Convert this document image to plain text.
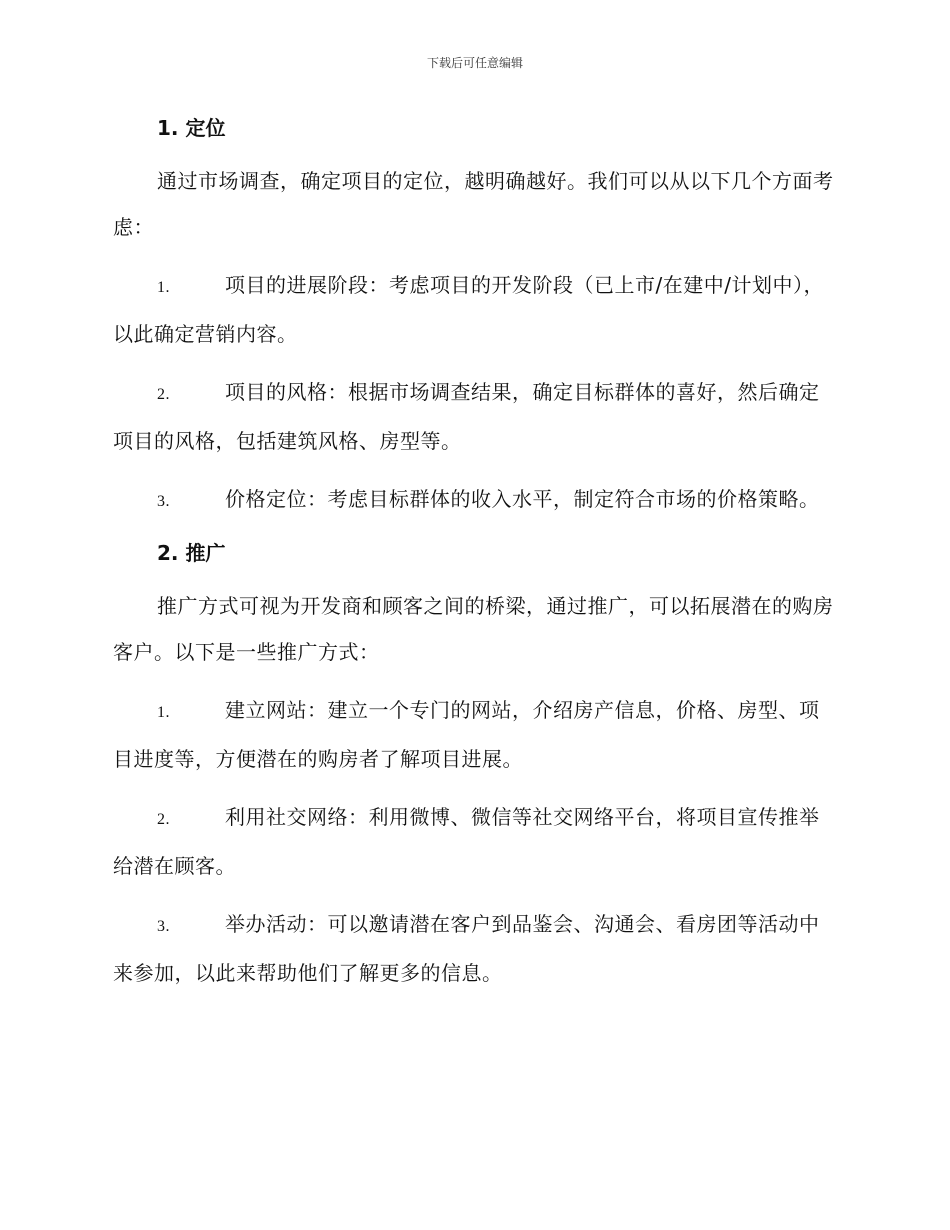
下载后可任意编辑
1. 定位

通过市场调查，确定项目的定位，越明确越好。我们可以从以下几个方面考虑：

1.	项目的进展阶段：考虑项目的开发阶段（已上市/在建中/计划中），以此确定营销内容。

2.	项目的风格：根据市场调查结果，确定目标群体的喜好，然后确定项目的风格，包括建筑风格、房型等。

3.	价格定位：考虑目标群体的收入水平，制定符合市场的价格策略。

2. 推广

推广方式可视为开发商和顾客之间的桥梁，通过推广，可以拓展潜在的购房客户。以下是一些推广方式：

1.	建立网站：建立一个专门的网站，介绍房产信息，价格、房型、项目进度等，方便潜在的购房者了解项目进展。

2.	利用社交网络：利用微博、微信等社交网络平台，将项目宣传推举给潜在顾客。

3.	举办活动：可以邀请潜在客户到品鉴会、沟通会、看房团等活动中来参加，以此来帮助他们了解更多的信息。
